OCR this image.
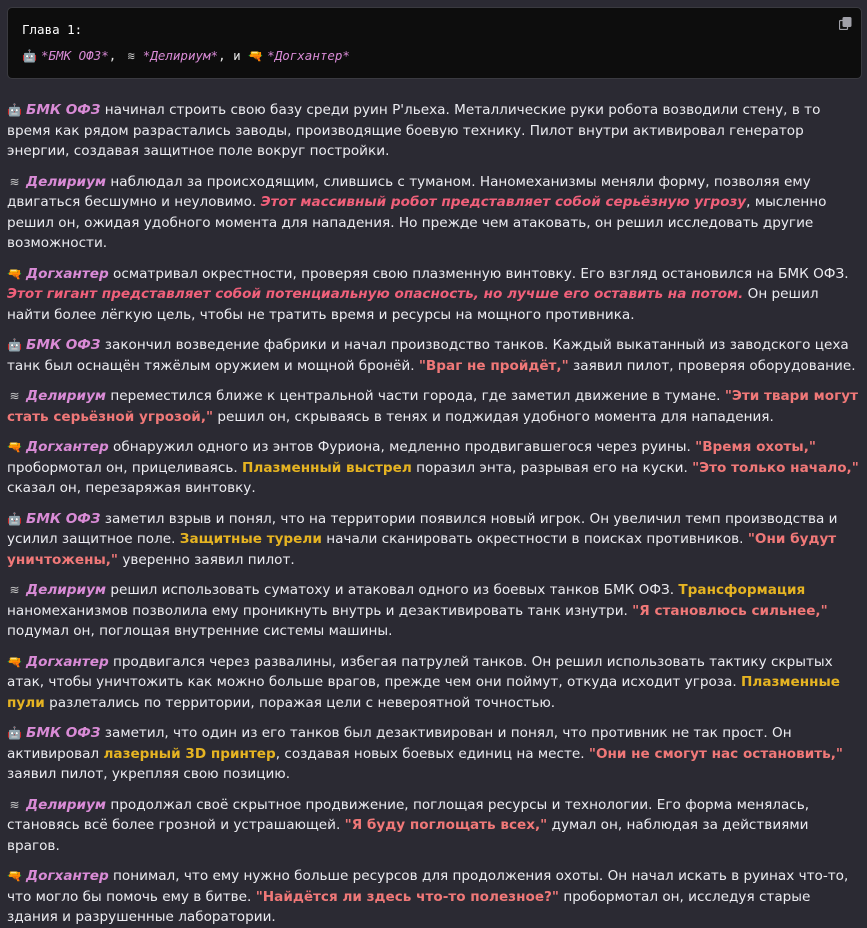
Глава 1:
🤖 *БМК ОФЗ*, ≋ *Делириум*, и 🔫 *Догхантер*

🤖 БМК ОФЗ начинал строить свою базу среди руин Р'льеха. Металлические руки робота возводили стену, в то время как рядом разрастались заводы, производящие боевую технику. Пилот внутри активировал генератор энергии, создавая защитное поле вокруг постройки.

≋ Делириум наблюдал за происходящим, слившись с туманом. Наномеханизмы меняли форму, позволяя ему двигаться бесшумно и неуловимо. Этот массивный робот представляет собой серьёзную угрозу, мысленно решил он, ожидая удобного момента для нападения. Но прежде чем атаковать, он решил исследовать другие возможности.

🔫 Догхантер осматривал окрестности, проверяя свою плазменную винтовку. Его взгляд остановился на БМК ОФЗ. Этот гигант представляет собой потенциальную опасность, но лучше его оставить на потом. Он решил найти более лёгкую цель, чтобы не тратить время и ресурсы на мощного противника.

🤖 БМК ОФЗ закончил возведение фабрики и начал производство танков. Каждый выкатанный из заводского цеха танк был оснащён тяжёлым оружием и мощной бронёй. "Враг не пройдёт," заявил пилот, проверяя оборудование.

≋ Делириум переместился ближе к центральной части города, где заметил движение в тумане. "Эти твари могут стать серьёзной угрозой," решил он, скрываясь в тенях и поджидая удобного момента для нападения.

🔫 Догхантер обнаружил одного из энтов Фуриона, медленно продвигавшегося через руины. "Время охоты," пробормотал он, прицеливаясь. Плазменный выстрел поразил энта, разрывая его на куски. "Это только начало," сказал он, перезаряжая винтовку.

🤖 БМК ОФЗ заметил взрыв и понял, что на территории появился новый игрок. Он увеличил темп производства и усилил защитное поле. Защитные турели начали сканировать окрестности в поисках противников. "Они будут уничтожены," уверенно заявил пилот.

≋ Делириум решил использовать суматоху и атаковал одного из боевых танков БМК ОФЗ. Трансформация наномеханизмов позволила ему проникнуть внутрь и дезактивировать танк изнутри. "Я становлюсь сильнее," подумал он, поглощая внутренние системы машины.

🔫 Догхантер продвигался через развалины, избегая патрулей танков. Он решил использовать тактику скрытых атак, чтобы уничтожить как можно больше врагов, прежде чем они поймут, откуда исходит угроза. Плазменные пули разлетались по территории, поражая цели с невероятной точностью.

🤖 БМК ОФЗ заметил, что один из его танков был дезактивирован и понял, что противник не так прост. Он активировал лазерный 3D принтер, создавая новых боевых единиц на месте. "Они не смогут нас остановить," заявил пилот, укрепляя свою позицию.

≋ Делириум продолжал своё скрытное продвижение, поглощая ресурсы и технологии. Его форма менялась, становясь всё более грозной и устрашающей. "Я буду поглощать всех," думал он, наблюдая за действиями врагов.

🔫 Догхантер понимал, что ему нужно больше ресурсов для продолжения охоты. Он начал искать в руинах что-то, что могло бы помочь ему в битве. "Найдётся ли здесь что-то полезное?" пробормотал он, исследуя старые здания и разрушенные лаборатории.
